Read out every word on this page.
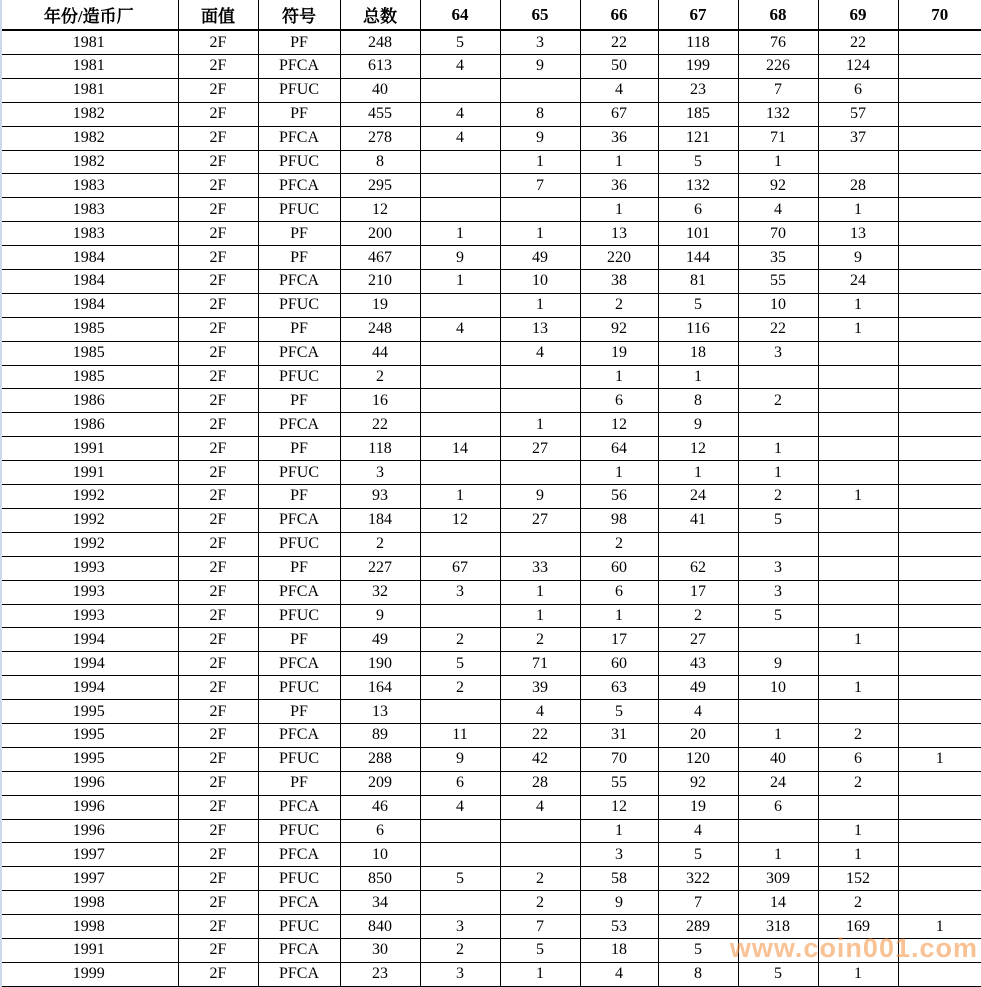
年份/造币厂	面值	符号	总数	64	65	66	67	68	69	70
1981	2F	PF	248	5	3	22	118	76	22	
1981	2F	PFCA	613	4	9	50	199	226	124	
1981	2F	PFUC	40			4	23	7	6	
1982	2F	PF	455	4	8	67	185	132	57	
1982	2F	PFCA	278	4	9	36	121	71	37	
1982	2F	PFUC	8		1	1	5	1		
1983	2F	PFCA	295		7	36	132	92	28	
1983	2F	PFUC	12			1	6	4	1	
1983	2F	PF	200	1	1	13	101	70	13	
1984	2F	PF	467	9	49	220	144	35	9	
1984	2F	PFCA	210	1	10	38	81	55	24	
1984	2F	PFUC	19		1	2	5	10	1	
1985	2F	PF	248	4	13	92	116	22	1	
1985	2F	PFCA	44		4	19	18	3		
1985	2F	PFUC	2			1	1			
1986	2F	PF	16			6	8	2		
1986	2F	PFCA	22		1	12	9			
1991	2F	PF	118	14	27	64	12	1		
1991	2F	PFUC	3			1	1	1		
1992	2F	PF	93	1	9	56	24	2	1	
1992	2F	PFCA	184	12	27	98	41	5		
1992	2F	PFUC	2			2				
1993	2F	PF	227	67	33	60	62	3		
1993	2F	PFCA	32	3	1	6	17	3		
1993	2F	PFUC	9		1	1	2	5		
1994	2F	PF	49	2	2	17	27		1	
1994	2F	PFCA	190	5	71	60	43	9		
1994	2F	PFUC	164	2	39	63	49	10	1	
1995	2F	PF	13		4	5	4			
1995	2F	PFCA	89	11	22	31	20	1	2	
1995	2F	PFUC	288	9	42	70	120	40	6	1
1996	2F	PF	209	6	28	55	92	24	2	
1996	2F	PFCA	46	4	4	12	19	6		
1996	2F	PFUC	6			1	4		1	
1997	2F	PFCA	10			3	5	1	1	
1997	2F	PFUC	850	5	2	58	322	309	152	
1998	2F	PFCA	34		2	9	7	14	2	
1998	2F	PFUC	840	3	7	53	289	318	169	1
1991	2F	PFCA	30	2	5	18	5			
1999	2F	PFCA	23	3	1	4	8	5	1	
www.coin001.com
